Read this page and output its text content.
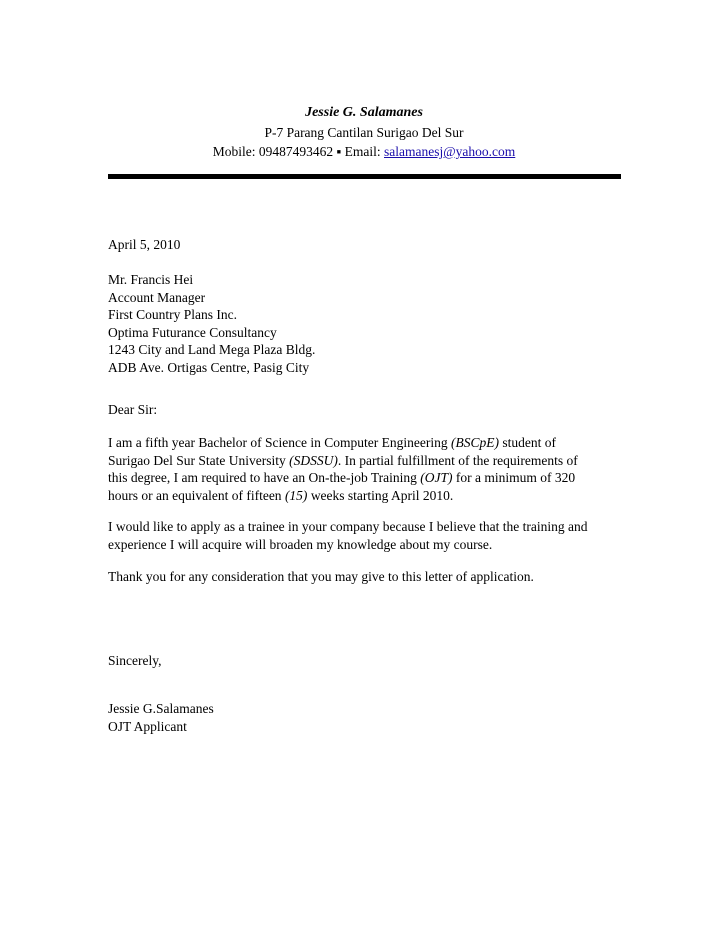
Jessie G. Salamanes
P-7 Parang Cantilan Surigao Del Sur
Mobile: 09487493462 ▪ Email: salamanesj@yahoo.com
April 5, 2010
Mr. Francis Hei
Account Manager
First Country Plans Inc.
Optima Futurance Consultancy
1243 City and Land Mega Plaza Bldg.
ADB Ave. Ortigas Centre, Pasig City
Dear Sir:
I am a fifth year Bachelor of Science in Computer Engineering (BSCpE) student of
Surigao Del Sur State University (SDSSU). In partial fulfillment of the requirements of
this degree, I am required to have an On-the-job Training (OJT) for a minimum of 320
hours or an equivalent of fifteen (15) weeks starting April 2010.
I would like to apply as a trainee in your company because I believe that the training and
experience I will acquire will broaden my knowledge about my course.
Thank you for any consideration that you may give to this letter of application.
Sincerely,
Jessie G.Salamanes
OJT Applicant
